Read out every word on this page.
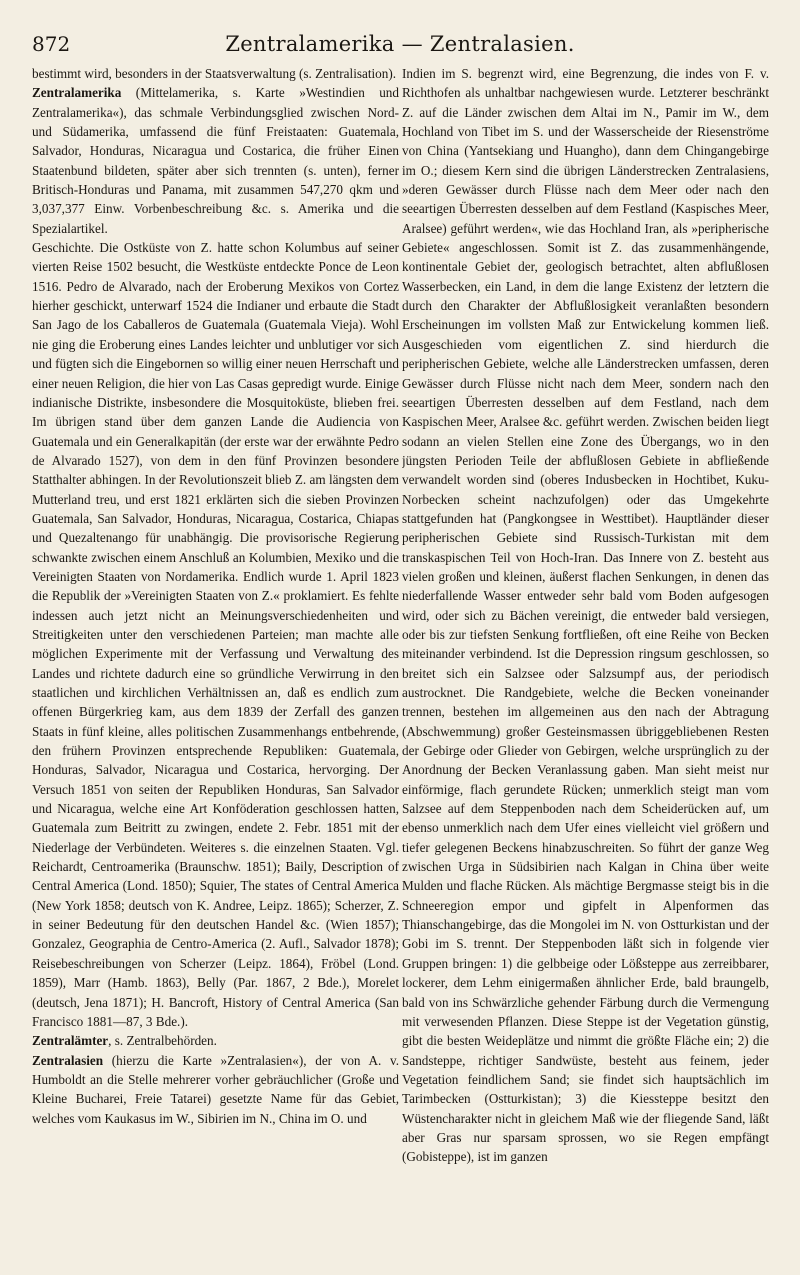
872	Zentralamerika — Zentralasien.

bestimmt wird, besonders in der Staatsverwaltung (s. Zentralisation).

Zentralamerika (Mittelamerika, s. Karte »Westindien und Zentralamerika«), das schmale Verbindungsglied zwischen Nord- und Südamerika, umfassend die fünf Freistaaten: Guatemala, Salvador, Honduras, Nicaragua und Costarica, die früher Einen Staatenbund bildeten, später aber sich trennten (s. unten), ferner Britisch-Honduras und Panama, mit zusammen 547,270 qkm und 3,037,377 Einw. Vorbenbeschreibung &c. s. Amerika und die Spezialartikel.

Geschichte. Die Ostküste von Z. hatte schon Kolumbus auf seiner vierten Reise 1502 besucht, die Westküste entdeckte Ponce de Leon 1516. Pedro de Alvarado, nach der Eroberung Mexikos von Cortez hierher geschickt, unterwarf 1524 die Indianer und erbaute die Stadt San Jago de los Caballeros de Guatemala (Guatemala Vieja). Wohl nie ging die Eroberung eines Landes leichter und unblutiger vor sich und fügten sich die Eingebornen so willig einer neuen Herrschaft und einer neuen Religion, die hier von Las Casas gepredigt wurde. Einige indianische Distrikte, insbesondere die Mosquitoküste, blieben frei. Im übrigen stand über dem ganzen Lande die Audiencia von Guatemala und ein Generalkapitän (der erste war der erwähnte Pedro de Alvarado 1527), von dem in den fünf Provinzen besondere Statthalter abhingen. In der Revolutionszeit blieb Z. am längsten dem Mutterland treu, und erst 1821 erklärten sich die sieben Provinzen Guatemala, San Salvador, Honduras, Nicaragua, Costarica, Chiapas und Quezaltenango für unabhängig. Die provisorische Regierung schwankte zwischen einem Anschluß an Kolumbien, Mexiko und die Vereinigten Staaten von Nordamerika. Endlich wurde 1. April 1823 die Republik der »Vereinigten Staaten von Z.« proklamiert. Es fehlte indessen auch jetzt nicht an Meinungsverschiedenheiten und Streitigkeiten unter den verschiedenen Parteien; man machte alle möglichen Experimente mit der Verfassung und Verwaltung des Landes und richtete dadurch eine so gründliche Verwirrung in den staatlichen und kirchlichen Verhältnissen an, daß es endlich zum offenen Bürgerkrieg kam, aus dem 1839 der Zerfall des ganzen Staats in fünf kleine, alles politischen Zusammenhangs entbehrende, den frühern Provinzen entsprechende Republiken: Guatemala, Honduras, Salvador, Nicaragua und Costarica, hervorging. Der Versuch 1851 von seiten der Republiken Honduras, San Salvador und Nicaragua, welche eine Art Konföderation geschlossen hatten, Guatemala zum Beitritt zu zwingen, endete 2. Febr. 1851 mit der Niederlage der Verbündeten. Weiteres s. die einzelnen Staaten. Vgl. Reichardt, Centroamerika (Braunschw. 1851); Baily, Description of Central America (Lond. 1850); Squier, The states of Central America (New York 1858; deutsch von K. Andree, Leipz. 1865); Scherzer, Z. in seiner Bedeutung für den deutschen Handel &c. (Wien 1857); Gonzalez, Geographia de Centro-America (2. Aufl., Salvador 1878); Reisebeschreibungen von Scherzer (Leipz. 1864), Fröbel (Lond. 1859), Marr (Hamb. 1863), Belly (Par. 1867, 2 Bde.), Morelet (deutsch, Jena 1871); H. Bancroft, History of Central America (San Francisco 1881—87, 3 Bde.).

Zentralämter, s. Zentralbehörden.

Zentralasien (hierzu die Karte »Zentralasien«), der von A. v. Humboldt an die Stelle mehrerer vorher gebräuchlicher (Große und Kleine Bucharei, Freie Tatarei) gesetzte Name für das Gebiet, welches vom Kaukasus im W., Sibirien im N., China im O. und

Indien im S. begrenzt wird, eine Begrenzung, die indes von F. v. Richthofen als unhaltbar nachgewiesen wurde. Letzterer beschränkt Z. auf die Länder zwischen dem Altai im N., Pamir im W., dem Hochland von Tibet im S. und der Wasserscheide der Riesenströme von China (Yantsekiang und Huangho), dann dem Chingangebirge im O.; diesem Kern sind die übrigen Länderstrecken Zentralasiens, »deren Gewässer durch Flüsse nach dem Meer oder nach den seeartigen Überresten desselben auf dem Festland (Kaspisches Meer, Aralsee) geführt werden«, wie das Hochland Iran, als »peripherische Gebiete« angeschlossen. Somit ist Z. das zusammenhängende, kontinentale Gebiet der, geologisch betrachtet, alten abflußlosen Wasserbecken, ein Land, in dem die lange Existenz der letztern die durch den Charakter der Abflußlosigkeit veranlaßten besondern Erscheinungen im vollsten Maß zur Entwickelung kommen ließ. Ausgeschieden vom eigentlichen Z. sind hierdurch die peripherischen Gebiete, welche alle Länderstrecken umfassen, deren Gewässer durch Flüsse nicht nach dem Meer, sondern nach den seeartigen Überresten desselben auf dem Festland, nach dem Kaspischen Meer, Aralsee &c. geführt werden. Zwischen beiden liegt sodann an vielen Stellen eine Zone des Übergangs, wo in den jüngsten Perioden Teile der abflußlosen Gebiete in abfließende verwandelt worden sind (oberes Indusbecken in Hochtibet, Kuku-Norbecken scheint nachzufolgen) oder das Umgekehrte stattgefunden hat (Pangkongsee in Westtibet). Hauptländer dieser peripherischen Gebiete sind Russisch-Turkistan mit dem transkaspischen Teil von Hoch-Iran. Das Innere von Z. besteht aus vielen großen und kleinen, äußerst flachen Senkungen, in denen das niederfallende Wasser entweder sehr bald vom Boden aufgesogen wird, oder sich zu Bächen vereinigt, die entweder bald versiegen, oder bis zur tiefsten Senkung fortfließen, oft eine Reihe von Becken miteinander verbindend. Ist die Depression ringsum geschlossen, so breitet sich ein Salzsee oder Salzsumpf aus, der periodisch austrocknet. Die Randgebiete, welche die Becken voneinander trennen, bestehen im allgemeinen aus den nach der Abtragung (Abschwemmung) großer Gesteinsmassen übriggebliebenen Resten der Gebirge oder Glieder von Gebirgen, welche ursprünglich zu der Anordnung der Becken Veranlassung gaben. Man sieht meist nur einförmige, flach gerundete Rücken; unmerklich steigt man vom Salzsee auf dem Steppenboden nach dem Scheiderücken auf, um ebenso unmerklich nach dem Ufer eines vielleicht viel größern und tiefer gelegenen Beckens hinabzuschreiten. So führt der ganze Weg zwischen Urga in Südsibirien nach Kalgan in China über weite Mulden und flache Rücken. Als mächtige Bergmasse steigt bis in die Schneeregion empor und gipfelt in Alpenformen das Thianschangebirge, das die Mongolei im N. von Ostturkistan und der Gobi im S. trennt. Der Steppenboden läßt sich in folgende vier Gruppen bringen: 1) die gelbbeige oder Lößsteppe aus zerreibbarer, lockerer, dem Lehm einigermaßen ähnlicher Erde, bald braungelb, bald von ins Schwärzliche gehender Färbung durch die Vermengung mit verwesenden Pflanzen. Diese Steppe ist der Vegetation günstig, gibt die besten Weideplätze und nimmt die größte Fläche ein; 2) die Sandsteppe, richtiger Sandwüste, besteht aus feinem, jeder Vegetation feindlichem Sand; sie findet sich hauptsächlich im Tarimbecken (Ostturkistan); 3) die Kiessteppe besitzt den Wüstencharakter nicht in gleichem Maß wie der fliegende Sand, läßt aber Gras nur sparsam sprossen, wo sie Regen empfängt (Gobisteppe), ist im ganzen
